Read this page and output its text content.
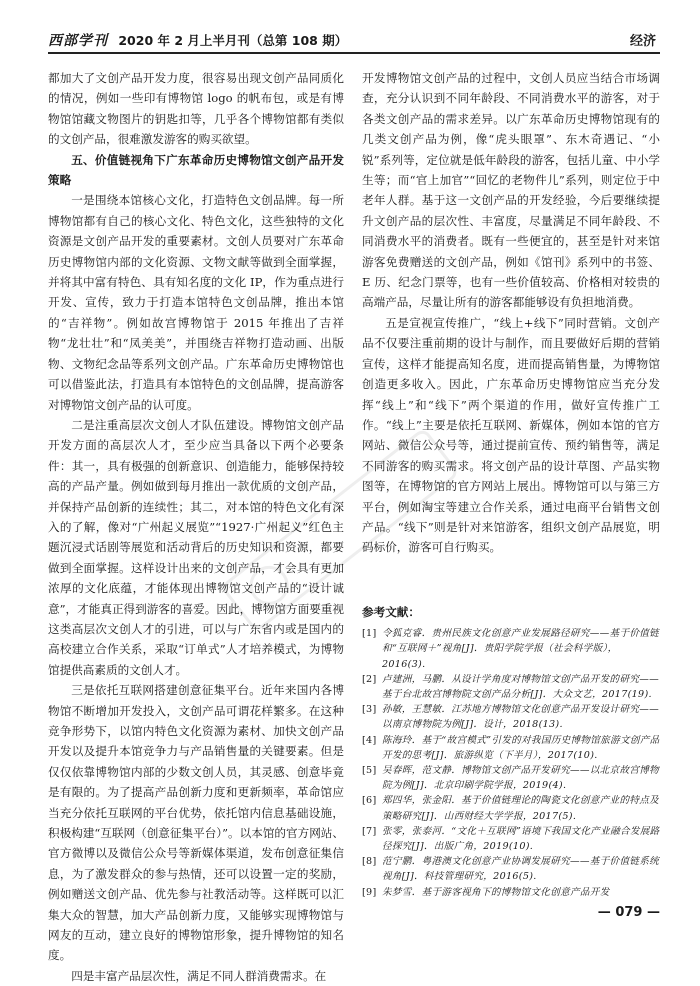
西部学刊 2020 年 2 月上半月刊（总第 108 期）	经济

都加大了文创产品开发力度，很容易出现文创产品同质化的情况，例如一些印有博物馆 logo 的帆布包，或是有博物馆馆藏文物图片的钥匙扣等，几乎各个博物馆都有类似的文创产品，很难激发游客的购买欲望。

五、价值链视角下广东革命历史博物馆文创产品开发策略

一是围绕本馆核心文化，打造特色文创品牌。每一所博物馆都有自己的核心文化、特色文化，这些独特的文化资源是文创产品开发的重要素材。文创人员要对广东革命历史博物馆内部的文化资源、文物文献等做到全面掌握，并将其中富有特色、具有知名度的文化 IP，作为重点进行开发、宣传，致力于打造本馆特色文创品牌，推出本馆的“吉祥物”。例如故宫博物馆于 2015 年推出了吉祥物“龙壮壮”和“凤美美”，并围绕吉祥物打造动画、出版物、文物纪念品等系列文创产品。广东革命历史博物馆也可以借鉴此法，打造具有本馆特色的文创品牌，提高游客对博物馆文创产品的认可度。

二是注重高层次文创人才队伍建设。博物馆文创产品开发方面的高层次人才，至少应当具备以下两个必要条件：其一，具有极强的创新意识、创造能力，能够保持较高的产品产量。例如做到每月推出一款优质的文创产品，并保持产品创新的连续性；其二，对本馆的特色文化有深入的了解，像对“广州起义展览”“1927·广州起义”红色主题沉浸式话剧等展览和活动背后的历史知识和资源，都要做到全面掌握。这样设计出来的文创产品，才会具有更加浓厚的文化底蕴，才能体现出博物馆文创产品的“设计诚意”，才能真正得到游客的喜爱。因此，博物馆方面要重视这类高层次文创人才的引进，可以与广东省内或是国内的高校建立合作关系，采取“订单式”人才培养模式，为博物馆提供高素质的文创人才。

三是依托互联网搭建创意征集平台。近年来国内各博物馆不断增加开发投入，文创产品可谓花样繁多。在这种竞争形势下，以馆内特色文化资源为素材、加快文创产品开发以及提升本馆竞争力与产品销售量的关键要素。但是仅仅依靠博物馆内部的少数文创人员，其灵感、创意毕竟是有限的。为了提高产品创新力度和更新频率，革命馆应当充分依托互联网的平台优势，依托馆内信息基础设施，积极构建“互联网（创意征集平台）”。以本馆的官方网站、官方微博以及微信公众号等新媒体渠道，发布创意征集信息，为了激发群众的参与热情，还可以设置一定的奖励，例如赠送文创产品、优先参与社教活动等。这样既可以汇集大众的智慧，加大产品创新力度，又能够实现博物馆与网友的互动，建立良好的博物馆形象，提升博物馆的知名度。

四是丰富产品层次性，满足不同人群消费需求。在

开发博物馆文创产品的过程中，文创人员应当结合市场调查，充分认识到不同年龄段、不同消费水平的游客，对于各类文创产品的需求差异。以广东革命历史博物馆现有的几类文创产品为例，像“虎头眼罩”、东木奇遇记、“小锐”系列等，定位就是低年龄段的游客，包括儿童、中小学生等；而“官上加官”“回忆的老物件儿”系列，则定位于中老年人群。基于这一文创产品的开发经验，今后要继续提升文创产品的层次性、丰富度，尽量满足不同年龄段、不同消费水平的消费者。既有一些便宜的，甚至是针对来馆游客免费赠送的文创产品，例如《馆刊》系列中的书签、E 历、纪念门票等，也有一些价值较高、价格相对较贵的高端产品，尽量让所有的游客都能够设有负担地消费。

五是宣视宣传推广，“线上+线下”同时营销。文创产品不仅要注重前期的设计与制作，而且要做好后期的营销宣传，这样才能提高知名度，进而提高销售量，为博物馆创造更多收入。因此，广东革命历史博物馆应当充分发挥“线上”和“线下”两个渠道的作用，做好宣传推广工作。“线上”主要是依托互联网、新媒体，例如本馆的官方网站、微信公众号等，通过提前宣传、预约销售等，满足不同游客的购买需求。将文创产品的设计草图、产品实物图等，在博物馆的官方网站上展出。博物馆可以与第三方平台，例如淘宝等建立合作关系，通过电商平台销售文创产品。“线下”则是针对来馆游客，组织文创产品展览，明码标价，游客可自行购买。

参考文献：

[1] 令狐克睿．贵州民族文化创意产业发展路径研究——基于价值链和“互联网＋”视角[J]．贵阳学院学报（社会科学版），2016(3).
[2] 卢建洲，马鹏．从设计学角度对博物馆文创产品开发的研究——基于台北故宫博物院文创产品分析[J]．大众文艺，2017(19).
[3] 孙敏，王慧敏．江苏地方博物馆文化创意产品开发设计研究——以南京博物院为例[J]．设计，2018(13).
[4] 陈海玲．基于“故宫模式”引发的对我国历史博物馆旅游文创产品开发的思考[J]．旅游纵览（下半月），2017(10).
[5] 吴春晖，范文静．博物馆文创产品开发研究——以北京故宫博物院为例[J]．北京印刷学院学报，2019(4).
[6] 郑四华，张金阳．基于价值链理论的陶瓷文化创意产业的特点及策略研究[J]．山西财经大学学报，2017(5).
[7] 张零，张泰河．“文化＋互联网”语境下我国文化产业融合发展路径探究[J]．出版广角，2019(10).
[8] 范宁鹏．粤港澳文化创意产业协调发展研究——基于价值链系统视角[J]．科技管理研究，2016(5).
[9] 朱梦雪．基于游客视角下的博物馆文化创意产品开发
— 079 —
